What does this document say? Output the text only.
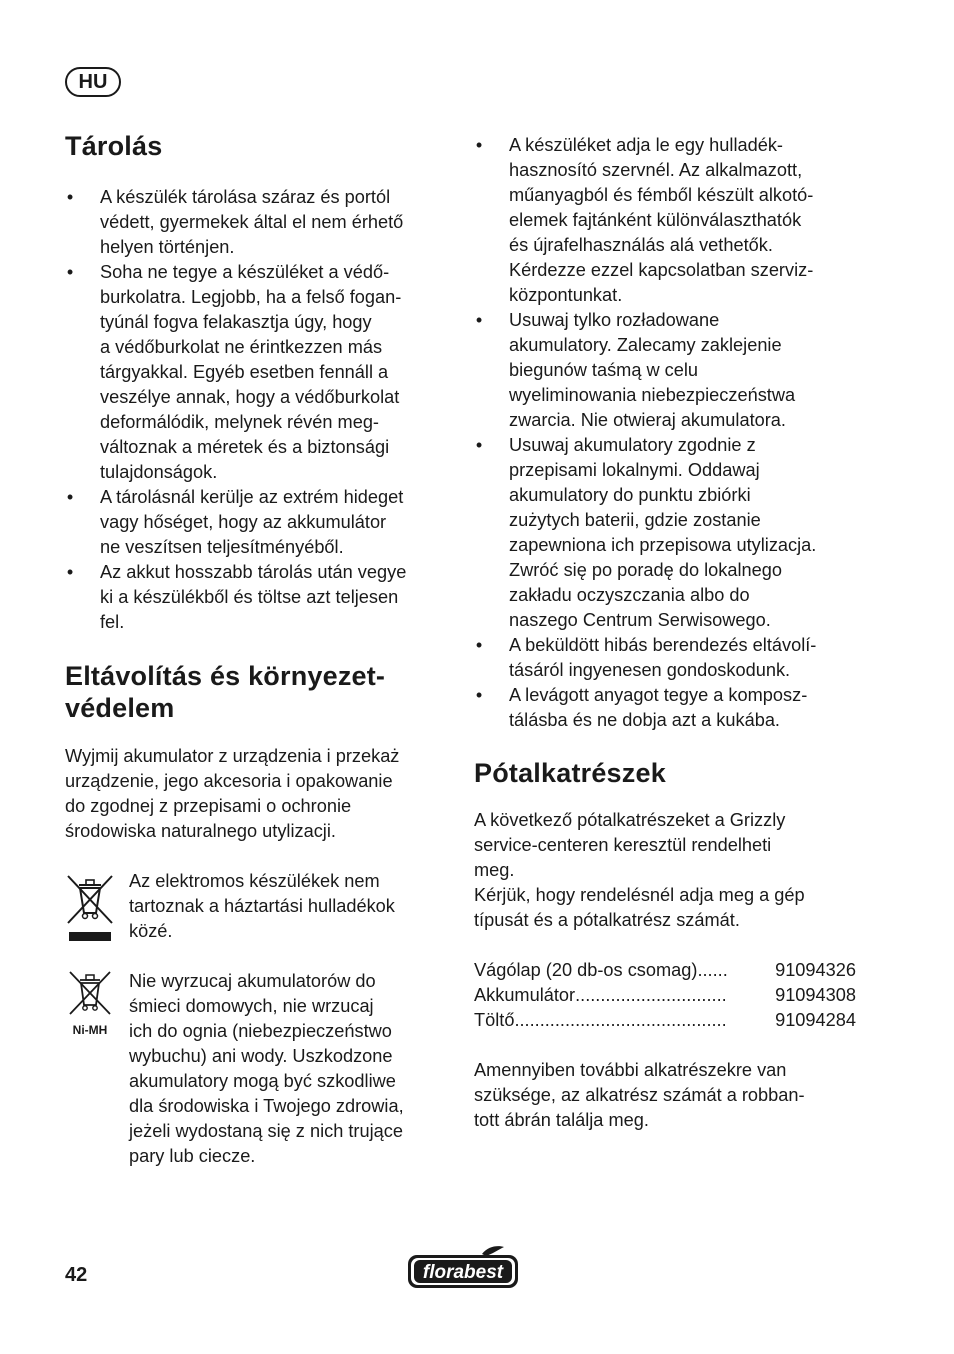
HU
Tárolás
• A készülék tárolása száraz és portól
védett, gyermekek által el nem érhető
helyen történjen.
• Soha ne tegye a készüléket a védő-
burkolatra. Legjobb, ha a felső fogan-
tyúnál fogva felakasztja úgy, hogy
a védőburkolat ne érintkezzen más
tárgyakkal. Egyéb esetben fennáll a
veszélye annak, hogy a védőburkolat
deformálódik, melynek révén meg-
változnak a méretek és a biztonsági
tulajdonságok.
• A tárolásnál kerülje az extrém hideget
vagy hőséget, hogy az akkumulátor
ne veszítsen teljesítményéből.
• Az akkut hosszabb tárolás után vegye
ki a készülékből és töltse azt teljesen
fel.
Eltávolítás és környezet-
védelem

Wyjmij akumulator z urządzenia i przekaż
urządzenie, jego akcesoria i opakowanie
do zgodnej z przepisami o ochronie
środowiska naturalnego utylizacji.

Az elektromos készülékek nem
tartoznak a háztartási hulladékok
közé.
Ni-MH
Nie wyrzucaj akumulatorów do
śmieci domowych, nie wrzucaj
ich do ognia (niebezpieczeństwo
wybuchu) ani wody. Uszkodzone
akumulatory mogą być szkodliwe
dla środowiska i Twojego zdrowia,
jeżeli wydostaną się z nich trujące
pary lub ciecze.
• A készüléket adja le egy hulladék-
hasznosító szervnél. Az alkalmazott,
műanyagból és fémből készült alkotó-
elemek fajtánként különválaszthatók
és újrafelhasználás alá vethetők.
Kérdezze ezzel kapcsolatban szerviz-
központunkat.
• Usuwaj tylko rozładowane
akumulatory. Zalecamy zaklejenie
biegunów taśmą w celu
wyeliminowania niebezpieczeństwa
zwarcia. Nie otwieraj akumulatora.
• Usuwaj akumulatory zgodnie z
przepisami lokalnymi. Oddawaj
akumulatory do punktu zbiórki
zużytych baterii, gdzie zostanie
zapewniona ich przepisowa utylizacja.
Zwróć się po poradę do lokalnego
zakładu oczyszczania albo do
naszego Centrum Serwisowego.
• A beküldött hibás berendezés eltávolí-
tásáról ingyenesen gondoskodunk.
• A levágott anyagot tegye a komposz-
tálásba és ne dobja azt a kukába.
Pótalkatrészek

A következő pótalkatrészeket a Grizzly
service-centeren keresztül rendelheti
meg.
Kérjük, hogy rendelésnél adja meg a gép
típusát és a pótalkatrész számát.

Vágólap (20 db-os csomag) ......	91094326
Akkumulátor ..............................	91094308
Töltő ..........................................	91094284

Amennyiben további alkatrészekre van
szüksége, az alkatrész számát a robban-
tott ábrán találja meg.

42	florabest
